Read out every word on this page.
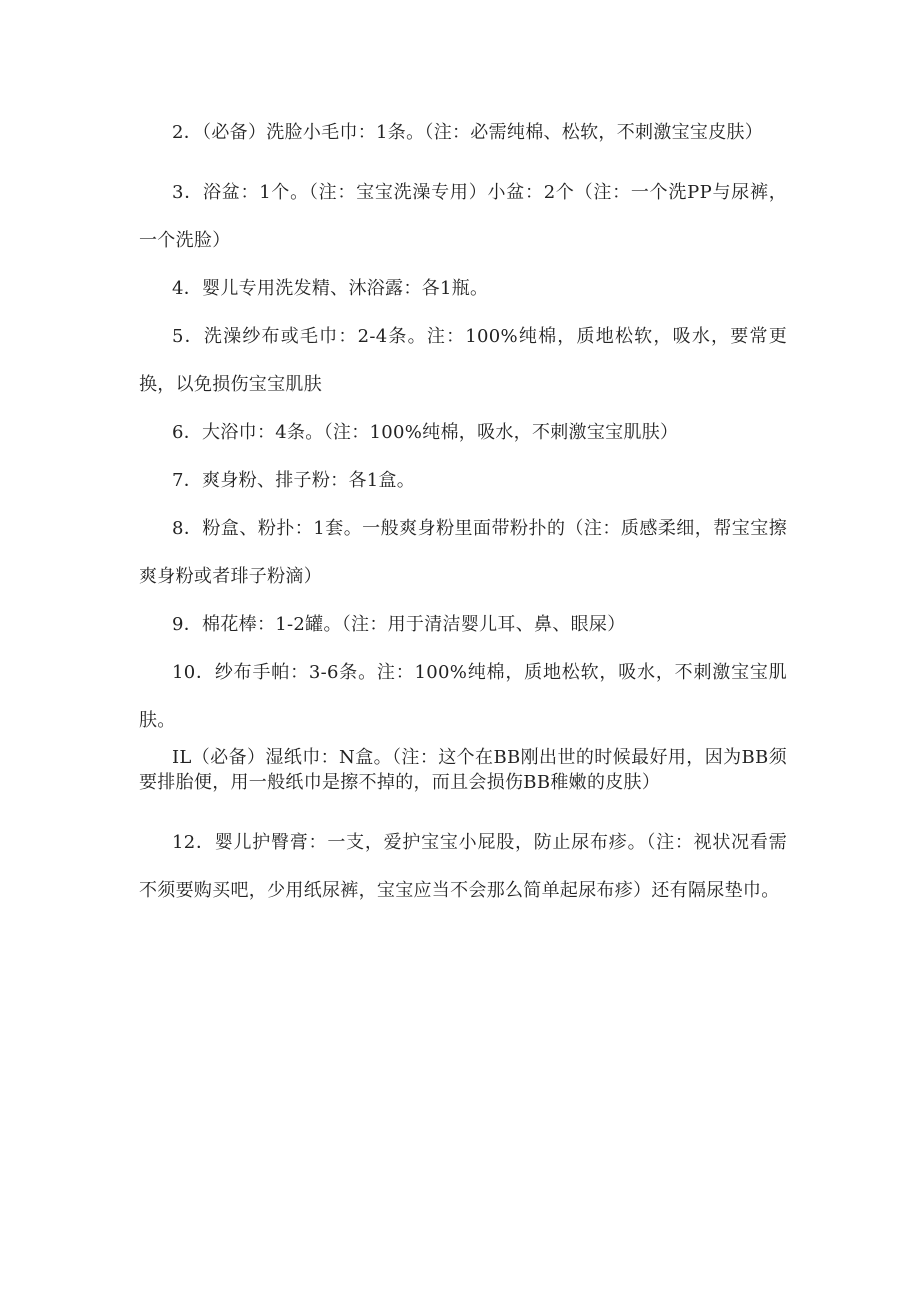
2．（必备）洗脸小毛巾：1条。（注：必需纯棉、松软，不刺激宝宝皮肤）

3．浴盆：1个。（注：宝宝洗澡专用）小盆：2个（注：一个洗PP与尿裤，一个洗脸）

4．婴儿专用洗发精、沐浴露：各1瓶。

5．洗澡纱布或毛巾：2-4条。注：100%纯棉，质地松软，吸水，要常更换，以免损伤宝宝肌肤

6．大浴巾：4条。（注：100%纯棉，吸水，不刺激宝宝肌肤）

7．爽身粉、排子粉：各1盒。

8．粉盒、粉扑：1套。一般爽身粉里面带粉扑的（注：质感柔细，帮宝宝擦爽身粉或者琲子粉滴）

9．棉花棒：1-2罐。（注：用于清洁婴儿耳、鼻、眼屎）

10．纱布手帕：3-6条。注：100%纯棉，质地松软，吸水，不刺激宝宝肌肤。

IL（必备）湿纸巾：N盒。（注：这个在BB刚出世的时候最好用，因为BB须要排胎便，用一般纸巾是擦不掉的，而且会损伤BB稚嫩的皮肤）

12．婴儿护臀膏：一支，爱护宝宝小屁股，防止尿布疹。（注：视状况看需不须要购买吧，少用纸尿裤，宝宝应当不会那么简单起尿布疹）还有隔尿垫巾。
